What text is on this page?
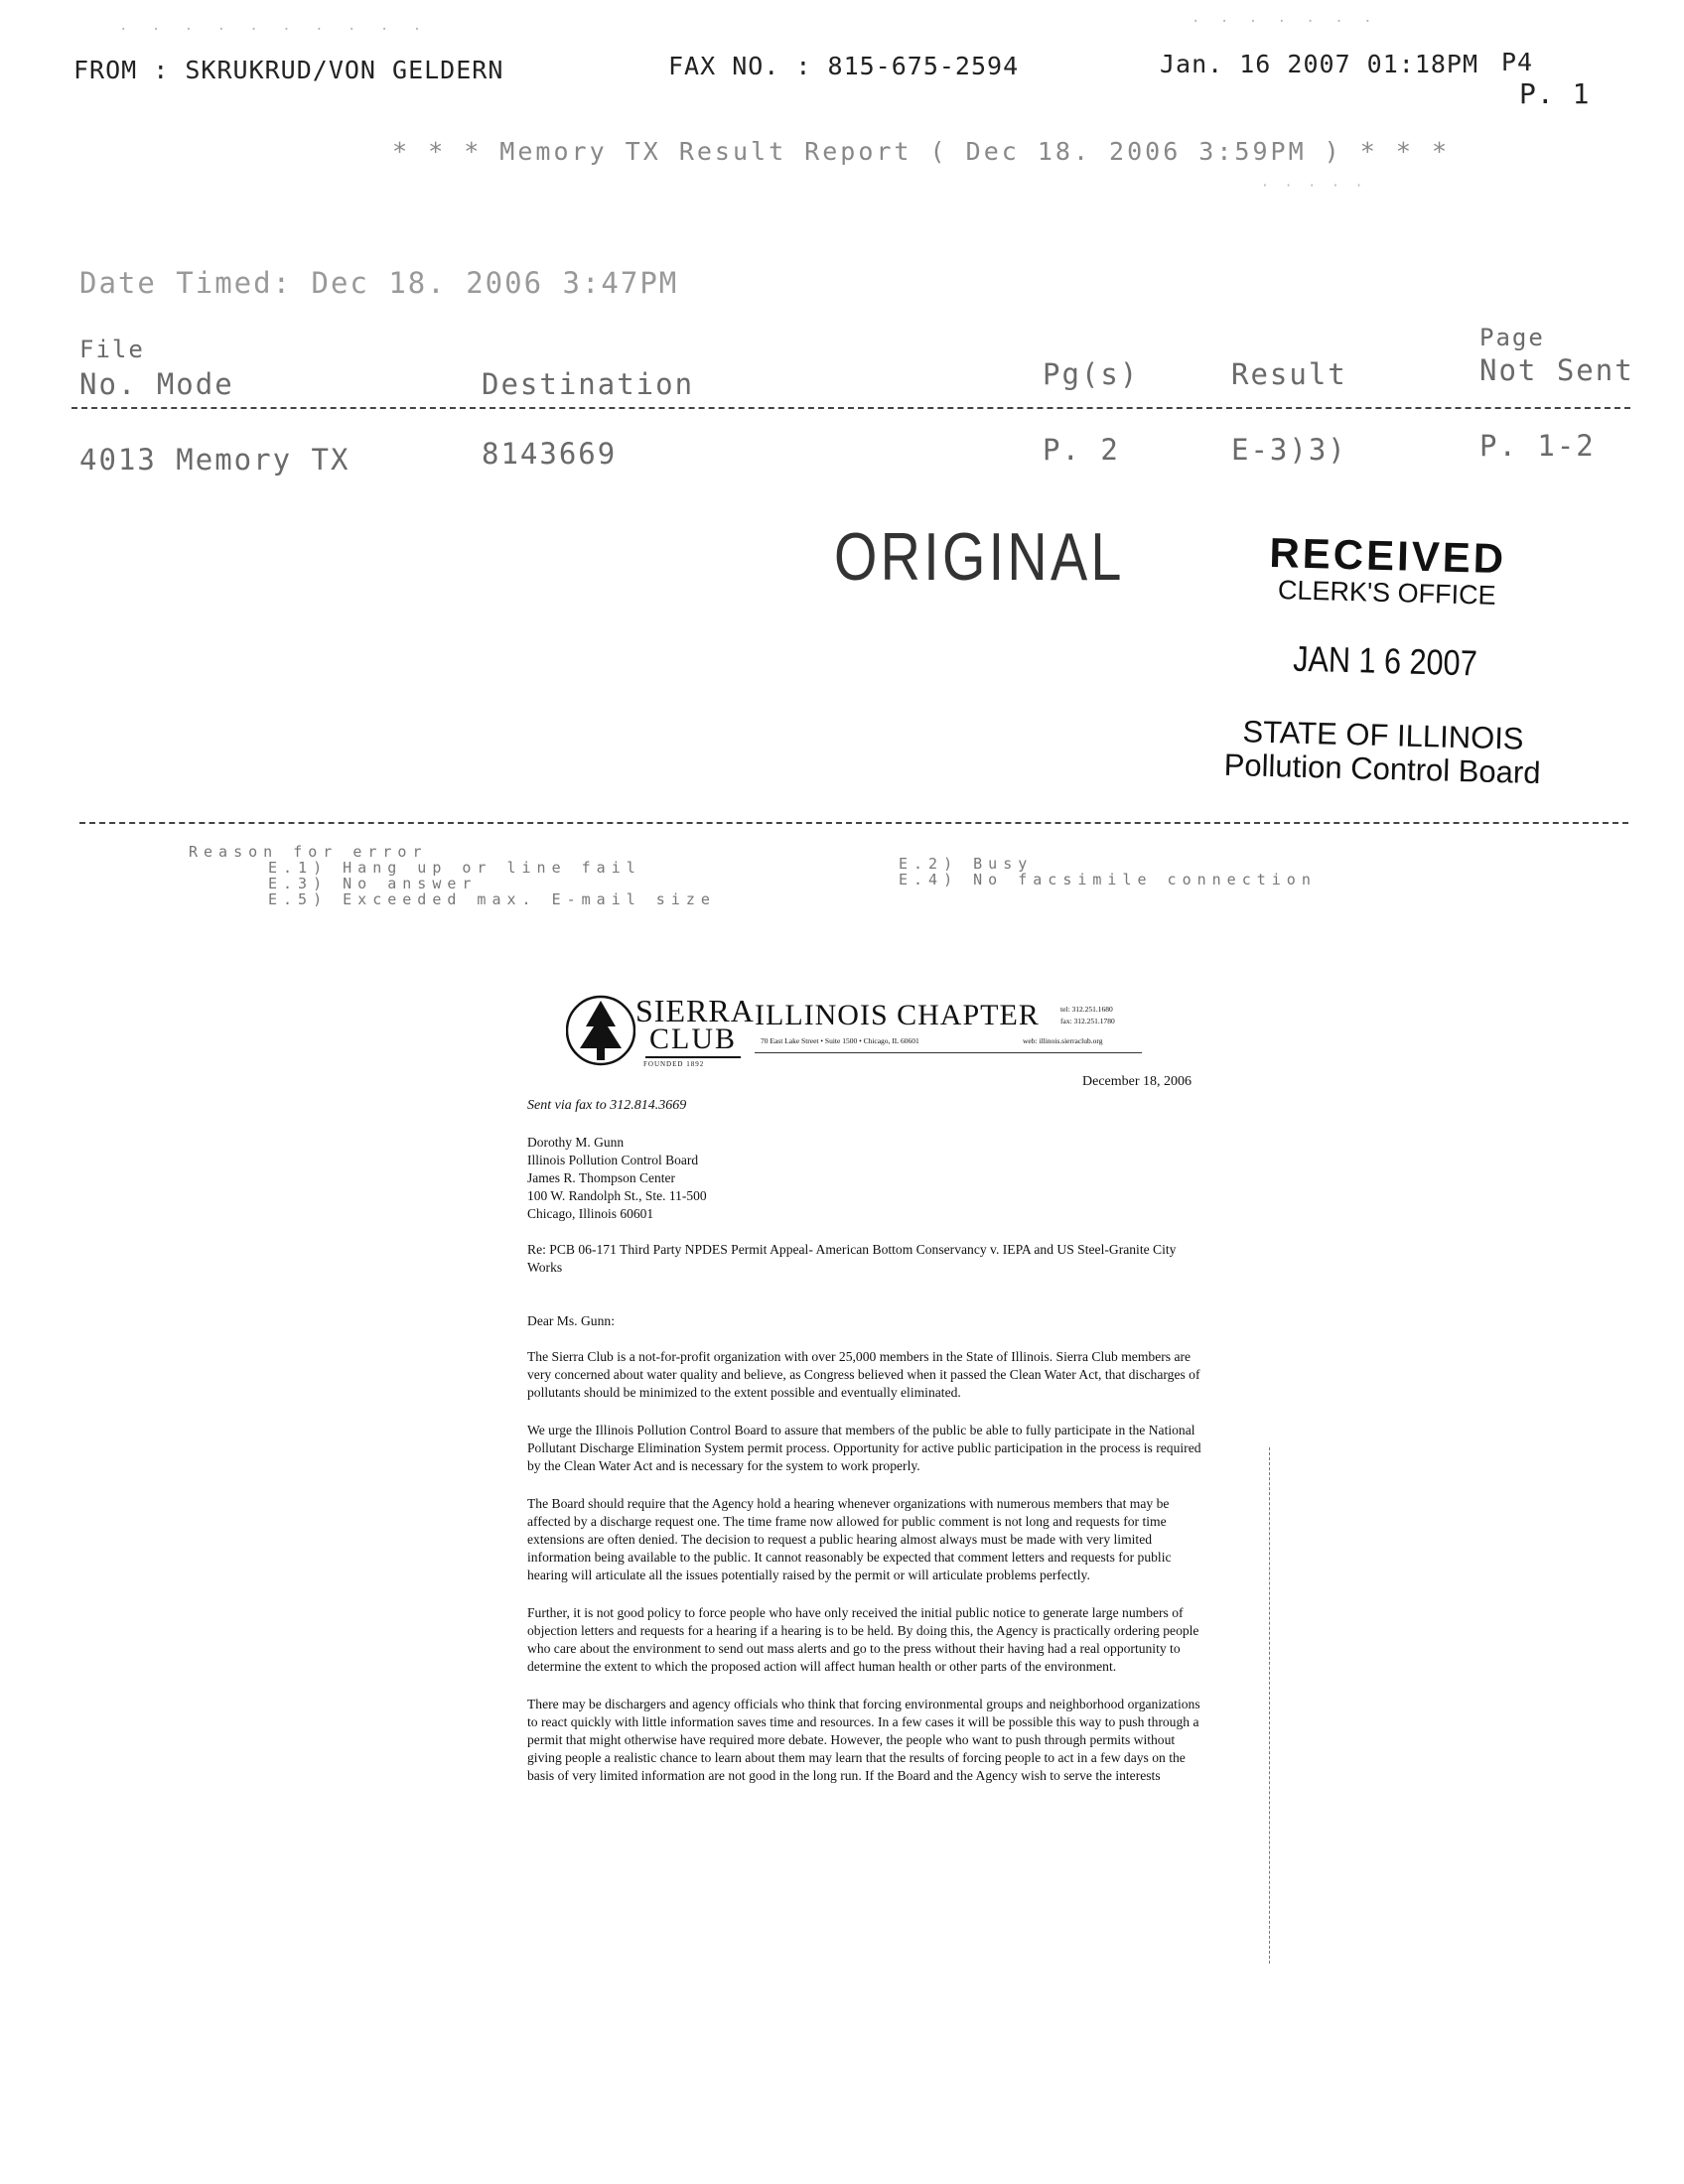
· · · · · · · · · ·	· · · · · · ·
FROM : SKRUKRUD/VON GELDERN	FAX NO. : 815-675-2594	Jan. 16 2007 01:18PM P4
P. 1
* * * Memory TX Result Report ( Dec 18. 2006 3:59PM ) * * *
· · · · ·
Date Timed: Dec 18. 2006 3:47PM
File
No. Mode	Destination	Pg(s)	Result
Page
Not Sent
4013 Memory TX	8143669	P. 2	E-3)3)	P. 1-2
ORIGINAL	RECEIVED
CLERK'S OFFICE
JAN 1 6 2007
STATE OF ILLINOIS
Pollution Control Board
Reason for error
E.1) Hang up or line fail
E.3) No answer
E.5) Exceeded max. E-mail size
E.2) Busy
E.4) No facsimile connection
SIERRA
CLUB
FOUNDED 1892
ILLINOIS CHAPTER
70 East Lake Street • Suite 1500 • Chicago, IL 60601
tel: 312.251.1680
fax: 312.251.1780
web: illinois.sierraclub.org
December 18, 2006
Sent via fax to 312.814.3669
Dorothy M. Gunn
Illinois Pollution Control Board
James R. Thompson Center
100 W. Randolph St., Ste. 11-500
Chicago, Illinois 60601
Re: PCB 06-171 Third Party NPDES Permit Appeal- American Bottom Conservancy v. IEPA and US Steel-Granite City Works
Dear Ms. Gunn:

The Sierra Club is a not-for-profit organization with over 25,000 members in the State of Illinois. Sierra Club members are very concerned about water quality and believe, as Congress believed when it passed the Clean Water Act, that discharges of pollutants should be minimized to the extent possible and eventually eliminated.

We urge the Illinois Pollution Control Board to assure that members of the public be able to fully participate in the National Pollutant Discharge Elimination System permit process. Opportunity for active public participation in the process is required by the Clean Water Act and is necessary for the system to work properly.

The Board should require that the Agency hold a hearing whenever organizations with numerous members that may be affected by a discharge request one. The time frame now allowed for public comment is not long and requests for time extensions are often denied. The decision to request a public hearing almost always must be made with very limited information being available to the public. It cannot reasonably be expected that comment letters and requests for public hearing will articulate all the issues potentially raised by the permit or will articulate problems perfectly.

Further, it is not good policy to force people who have only received the initial public notice to generate large numbers of objection letters and requests for a hearing if a hearing is to be held. By doing this, the Agency is practically ordering people who care about the environment to send out mass alerts and go to the press without their having had a real opportunity to determine the extent to which the proposed action will affect human health or other parts of the environment.

There may be dischargers and agency officials who think that forcing environmental groups and neighborhood organizations to react quickly with little information saves time and resources. In a few cases it will be possible this way to push through a permit that might otherwise have required more debate. However, the people who want to push through permits without giving people a realistic chance to learn about them may learn that the results of forcing people to act in a few days on the basis of very limited information are not good in the long run. If the Board and the Agency wish to serve the interests
